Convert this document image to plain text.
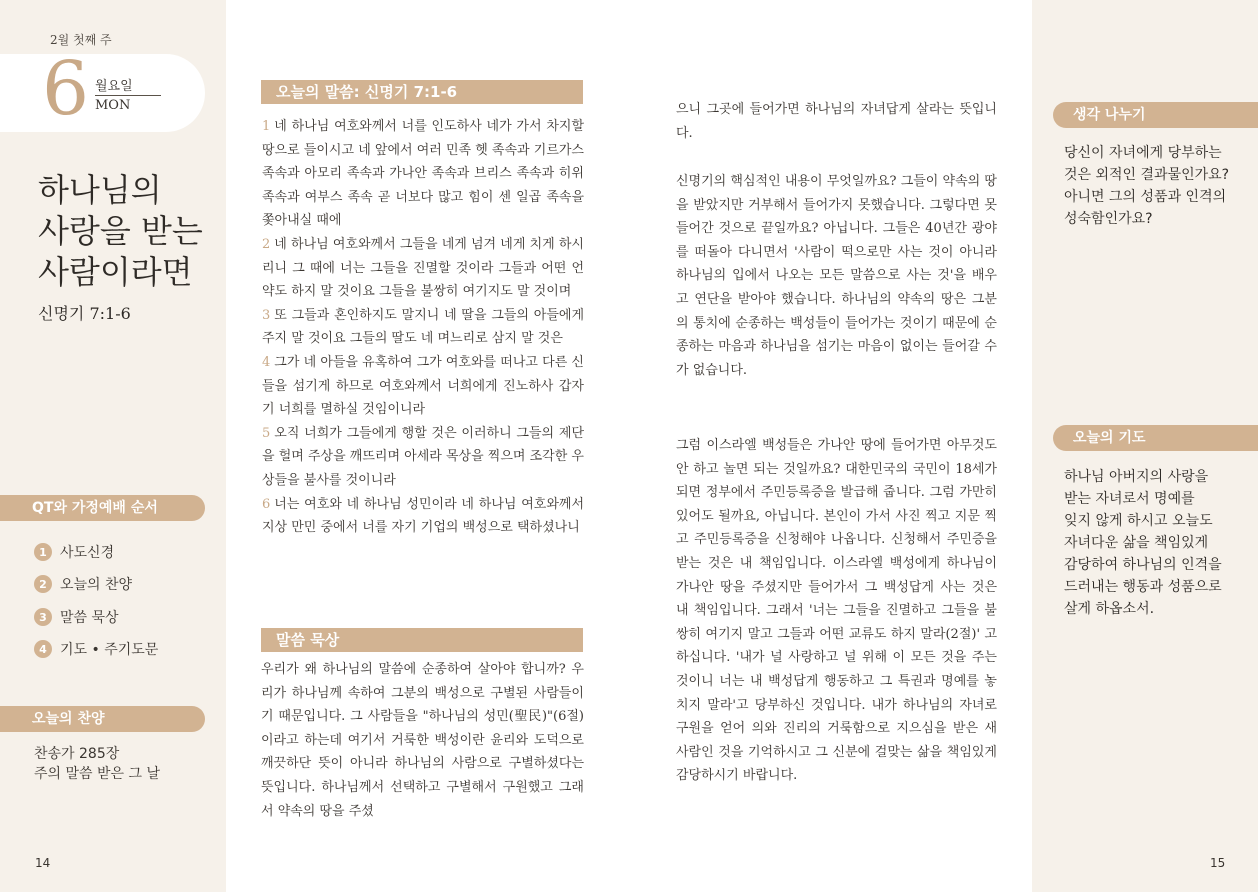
2월 첫째 주
6 월요일
MON
하나님의
사랑을 받는
사람이라면
신명기 7:1-6
QT와 가정예배 순서
1 사도신경
2 오늘의 찬양
3 말씀 묵상
4 기도 • 주기도문
오늘의 찬양
찬송가 285장
주의 말씀 받은 그 날
14
오늘의 말씀: 신명기 7:1-6
1 네 하나님 여호와께서 너를 인도하사 네가 가서 차지할 땅으로 들이시고 네 앞에서 여러 민족 헷 족속과 기르가스 족속과 아모리 족속과 가나안 족속과 브리스 족속과 히위 족속과 여부스 족속 곧 너보다 많고 힘이 센 일곱 족속을 쫓아내실 때에
2 네 하나님 여호와께서 그들을 네게 넘겨 네게 치게 하시리니 그 때에 너는 그들을 진멸할 것이라 그들과 어떤 언약도 하지 말 것이요 그들을 불쌍히 여기지도 말 것이며
3 또 그들과 혼인하지도 말지니 네 딸을 그들의 아들에게 주지 말 것이요 그들의 딸도 네 며느리로 삼지 말 것은
4 그가 네 아들을 유혹하여 그가 여호와를 떠나고 다른 신들을 섬기게 하므로 여호와께서 너희에게 진노하사 갑자기 너희를 멸하실 것임이니라
5 오직 너희가 그들에게 행할 것은 이러하니 그들의 제단을 헐며 주상을 깨뜨리며 아세라 목상을 찍으며 조각한 우상들을 불사를 것이니라
6 너는 여호와 네 하나님 성민이라 네 하나님 여호와께서 지상 만민 중에서 너를 자기 기업의 백성으로 택하셨나니
말씀 묵상
우리가 왜 하나님의 말씀에 순종하여 살아야 합니까? 우리가 하나님께 속하여 그분의 백성으로 구별된 사람들이기 때문입니다. 그 사람들을 "하나님의 성민(聖民)"(6절)이라고 하는데 여기서 거룩한 백성이란 윤리와 도덕으로 깨끗하단 뜻이 아니라 하나님의 사람으로 구별하셨다는 뜻입니다. 하나님께서 선택하고 구별해서 구원했고 그래서 약속의 땅을 주셨
으니 그곳에 들어가면 하나님의 자녀답게 살라는 뜻입니다.
신명기의 핵심적인 내용이 무엇일까요? 그들이 약속의 땅을 받았지만 거부해서 들어가지 못했습니다. 그렇다면 못 들어간 것으로 끝일까요? 아닙니다. 그들은 40년간 광야를 떠돌아 다니면서 '사람이 떡으로만 사는 것이 아니라 하나님의 입에서 나오는 모든 말씀으로 사는 것'을 배우고 연단을 받아야 했습니다. 하나님의 약속의 땅은 그분의 통치에 순종하는 백성들이 들어가는 것이기 때문에 순종하는 마음과 하나님을 섬기는 마음이 없이는 들어갈 수가 없습니다.
그럼 이스라엘 백성들은 가나안 땅에 들어가면 아무것도 안 하고 놀면 되는 것일까요? 대한민국의 국민이 18세가 되면 정부에서 주민등록증을 발급해 줍니다. 그럼 가만히 있어도 될까요, 아닙니다. 본인이 가서 사진 찍고 지문 찍고 주민등록증을 신청해야 나옵니다. 신청해서 주민증을 받는 것은 내 책임입니다. 이스라엘 백성에게 하나님이 가나안 땅을 주셨지만 들어가서 그 백성답게 사는 것은 내 책임입니다. 그래서 '너는 그들을 진멸하고 그들을 불쌍히 여기지 말고 그들과 어떤 교류도 하지 말라(2절)' 고 하십니다. '내가 널 사랑하고 널 위해 이 모든 것을 주는 것이니 너는 내 백성답게 행동하고 그 특권과 명예를 놓치지 말라'고 당부하신 것입니다. 내가 하나님의 자녀로 구원을 얻어 의와 진리의 거룩함으로 지으심을 받은 새 사람인 것을 기억하시고 그 신분에 걸맞는 삶을 책임있게 감당하시기 바랍니다.
생각 나누기
당신이 자녀에게 당부하는
것은 외적인 결과물인가요?
아니면 그의 성품과 인격의
성숙함인가요?
오늘의 기도
하나님 아버지의 사랑을
받는 자녀로서 명예를
잊지 않게 하시고 오늘도
자녀다운 삶을 책임있게
감당하여 하나님의 인격을
드러내는 행동과 성품으로
살게 하옵소서.
15
